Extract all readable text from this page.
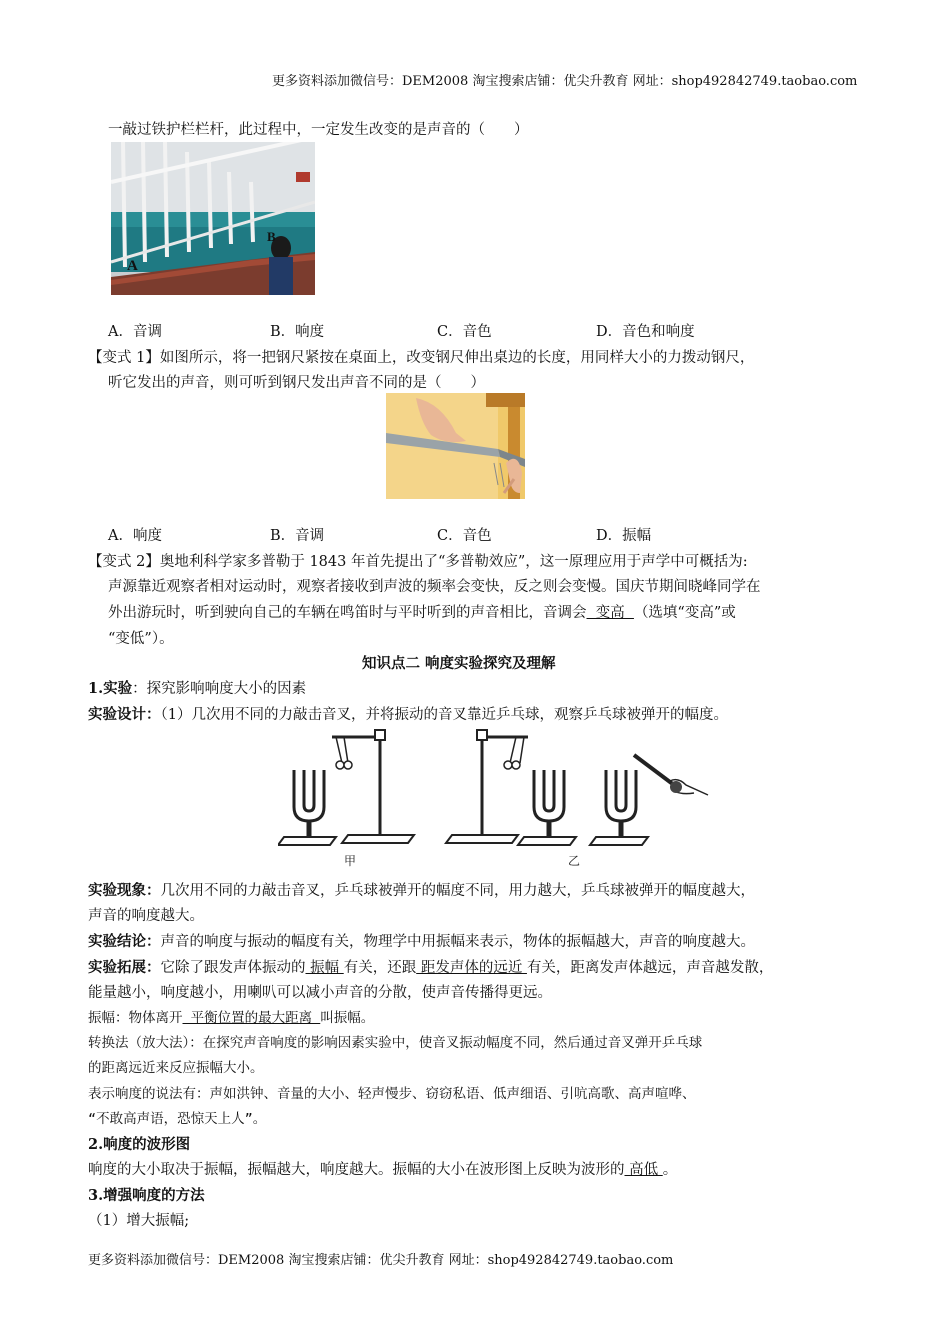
更多资料添加微信号：DEM2008 淘宝搜索店铺：优尖升教育 网址：shop492842749.taobao.com
一敲过铁护栏栏杆，此过程中，一定发生改变的是声音的（　　）
A
B
A．音调	B．响度	C．音色	D．音色和响度
【变式 1】如图所示，将一把钢尺紧按在桌面上，改变钢尺伸出桌边的长度，用同样大小的力拨动钢尺，
听它发出的声音，则可听到钢尺发出声音不同的是（　　）
A．响度	B．音调	C．音色	D．振幅
【变式 2】奥地利科学家多普勒于 1843 年首先提出了“多普勒效应”，这一原理应用于声学中可概括为:
声源靠近观察者相对运动时，观察者接收到声波的频率会变快，反之则会变慢。国庆节期间晓峰同学在
外出游玩时，听到驶向自己的车辆在鸣笛时与平时听到的声音相比，音调会  变高  （选填“变高”或
“变低”）。
知识点二 响度实验探究及理解
1.实验：探究影响响度大小的因素
实验设计：（1）几次用不同的力敲击音叉，并将振动的音叉靠近乒乓球，观察乒乓球被弹开的幅度。
甲	乙
实验现象：几次用不同的力敲击音叉，乒乓球被弹开的幅度不同，用力越大，乒乓球被弹开的幅度越大，
声音的响度越大。
实验结论：声音的响度与振动的幅度有关，物理学中用振幅来表示，物体的振幅越大，声音的响度越大。
实验拓展：它除了跟发声体振动的 振幅 有关，还跟 距发声体的远近 有关，距离发声体越远，声音越发散，
能量越小，响度越小，用喇叭可以减小声音的分散，使声音传播得更远。
振幅：物体离开 平衡位置的最大距离 叫振幅。
转换法（放大法）：在探究声音响度的影响因素实验中，使音叉振动幅度不同，然后通过音叉弹开乒乓球
的距离远近来反应振幅大小。
表示响度的说法有：声如洪钟、音量的大小、轻声慢步、窃窃私语、低声细语、引吭高歌、高声喧哗、
“不敢高声语，恐惊天上人”。
2.响度的波形图
响度的大小取决于振幅，振幅越大，响度越大。振幅的大小在波形图上反映为波形的 高低 。
3.增强响度的方法
（1）增大振幅;
更多资料添加微信号：DEM2008 淘宝搜索店铺：优尖升教育 网址：shop492842749.taobao.com
